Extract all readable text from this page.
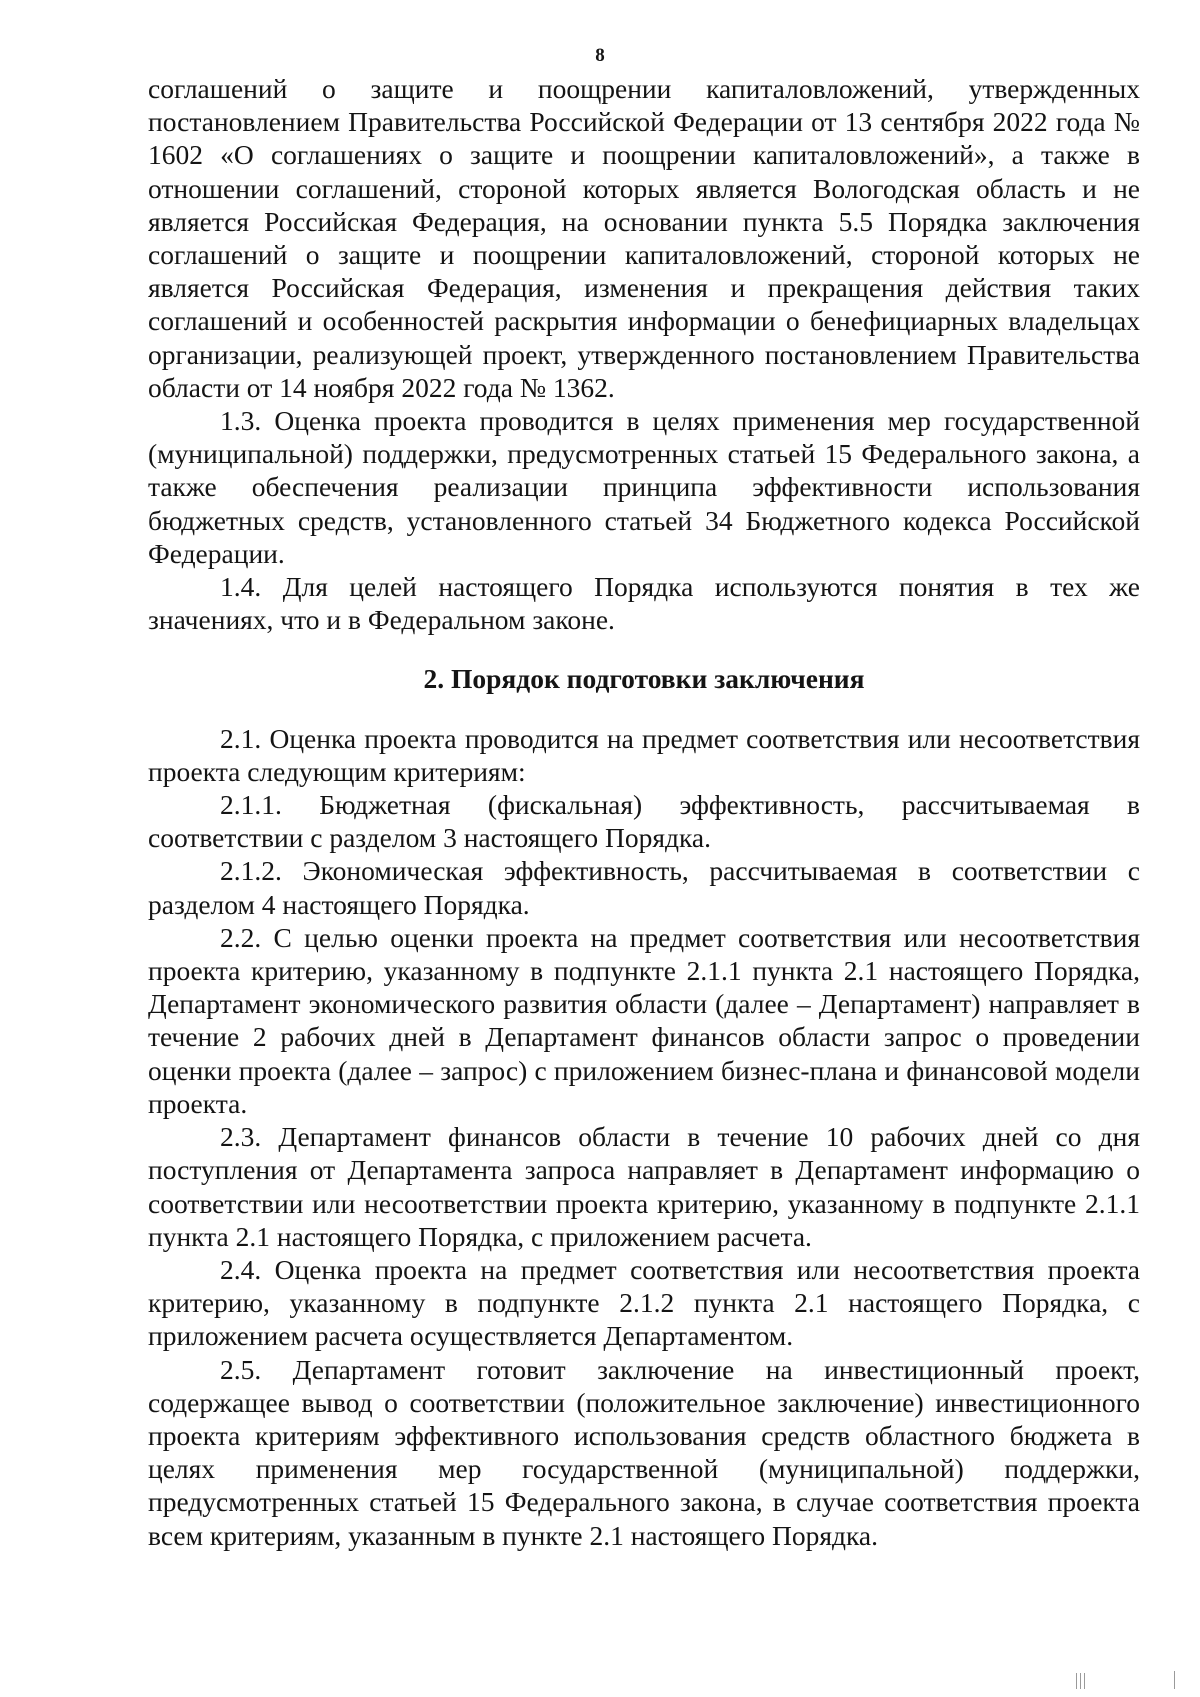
8

соглашений о защите и поощрении капиталовложений, утвержденных постановлением Правительства Российской Федерации от 13 сентября 2022 года № 1602 «О соглашениях о защите и поощрении капиталовложений», а также в отношении соглашений, стороной которых является Вологодская область и не является Российская Федерация, на основании пункта 5.5 Порядка заключения соглашений о защите и поощрении капиталовложений, стороной которых не является Российская Федерация, изменения и прекращения действия таких соглашений и особенностей раскрытия информации о бенефициарных владельцах организации, реализующей проект, утвержденного постановлением Правительства области от 14 ноября 2022 года № 1362.

1.3. Оценка проекта проводится в целях применения мер государственной (муниципальной) поддержки, предусмотренных статьей 15 Федерального закона, а также обеспечения реализации принципа эффективности использования бюджетных средств, установленного статьей 34 Бюджетного кодекса Российской Федерации.

1.4. Для целей настоящего Порядка используются понятия в тех же значениях, что и в Федеральном законе.

2. Порядок подготовки заключения

2.1. Оценка проекта проводится на предмет соответствия или несоответствия проекта следующим критериям:

2.1.1. Бюджетная (фискальная) эффективность, рассчитываемая в соответствии с разделом 3 настоящего Порядка.

2.1.2. Экономическая эффективность, рассчитываемая в соответствии с разделом 4 настоящего Порядка.

2.2. С целью оценки проекта на предмет соответствия или несоответствия проекта критерию, указанному в подпункте 2.1.1 пункта 2.1 настоящего Порядка, Департамент экономического развития области (далее – Департамент) направляет в течение 2 рабочих дней в Департамент финансов области запрос о проведении оценки проекта (далее – запрос) с приложением бизнес-плана и финансовой модели проекта.

2.3. Департамент финансов области в течение 10 рабочих дней со дня поступления от Департамента запроса направляет в Департамент информацию о соответствии или несоответствии проекта критерию, указанному в подпункте 2.1.1 пункта 2.1 настоящего Порядка, с приложением расчета.

2.4. Оценка проекта на предмет соответствия или несоответствия проекта критерию, указанному в подпункте 2.1.2 пункта 2.1 настоящего Порядка, с приложением расчета осуществляется Департаментом.

2.5. Департамент готовит заключение на инвестиционный проект, содержащее вывод о соответствии (положительное заключение) инвестиционного проекта критериям эффективного использования средств областного бюджета в целях применения мер государственной (муниципальной) поддержки, предусмотренных статьей 15 Федерального закона, в случае соответствия проекта всем критериям, указанным в пункте 2.1 настоящего Порядка.
